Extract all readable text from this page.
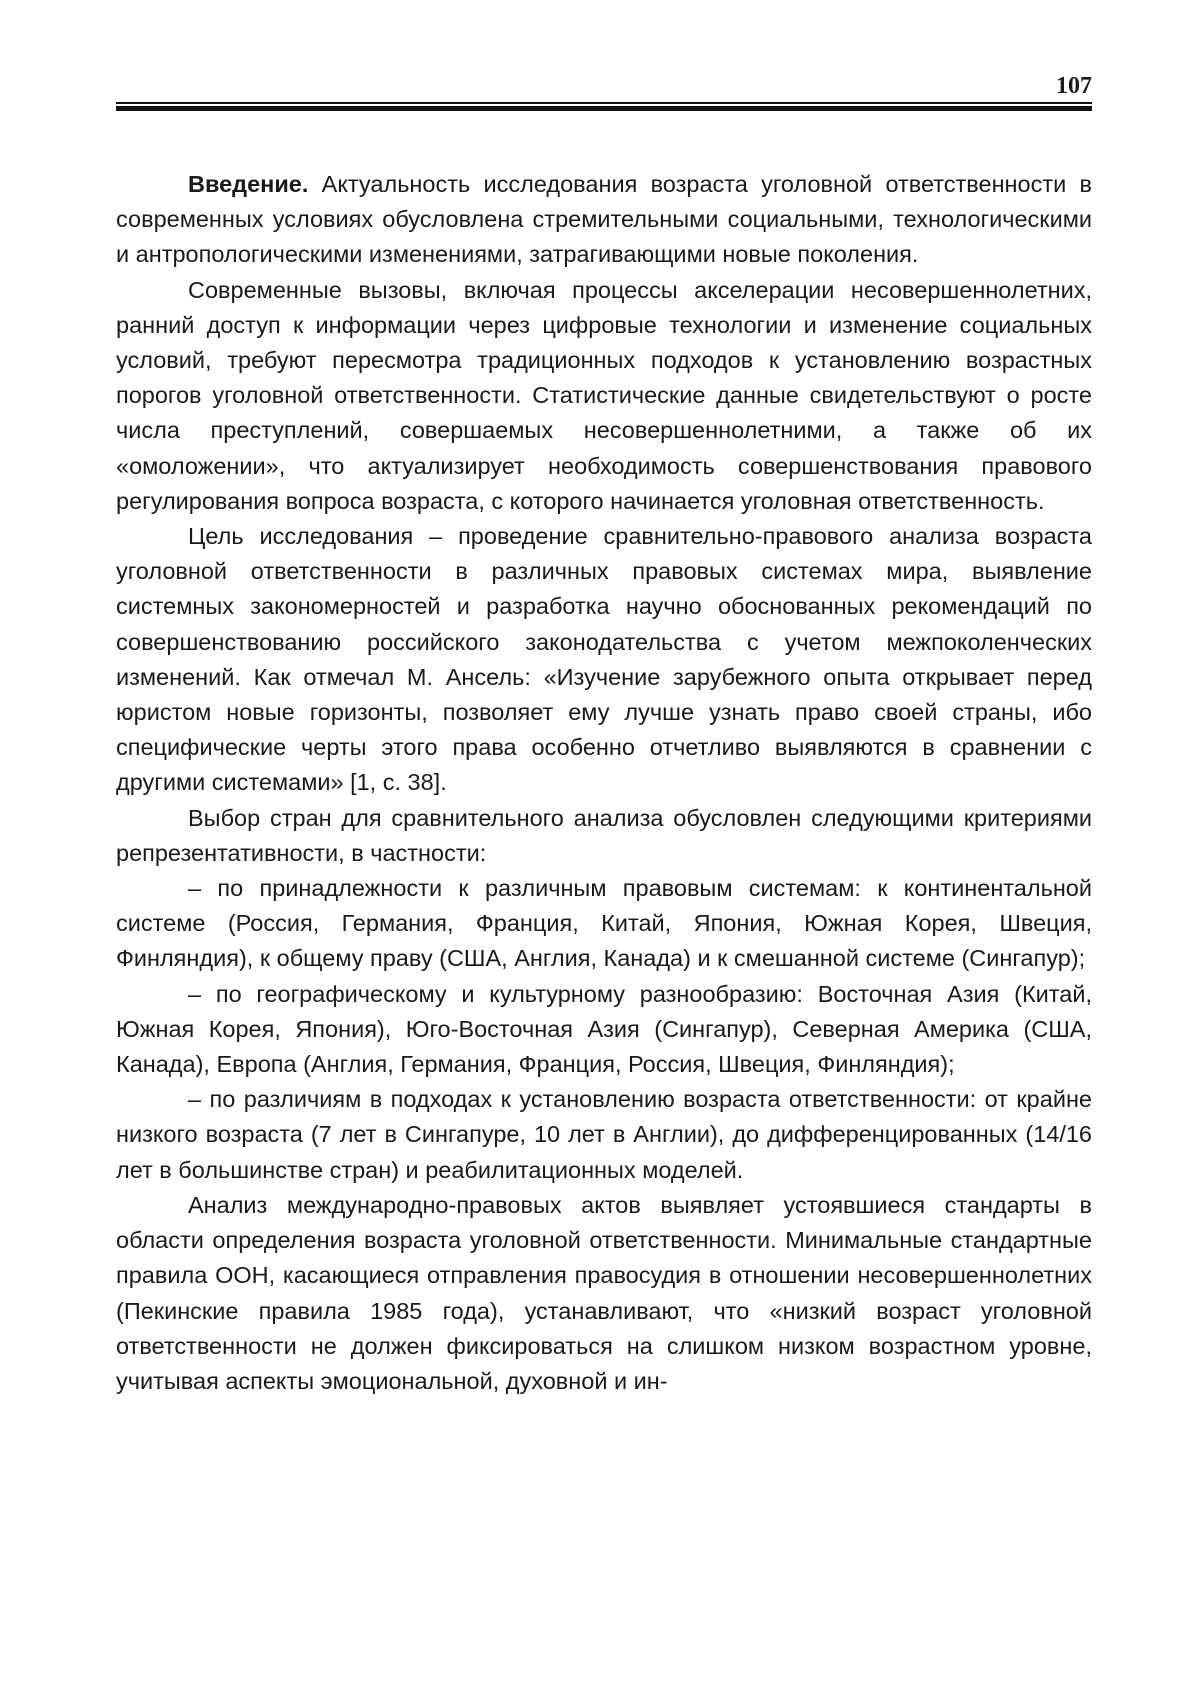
107

Введение. Актуальность исследования возраста уголовной ответственности в современных условиях обусловлена стремительными социальными, технологическими и антропологическими изменениями, затрагивающими новые поколения.

Современные вызовы, включая процессы акселерации несовершеннолетних, ранний доступ к информации через цифровые технологии и изменение социальных условий, требуют пересмотра традиционных подходов к установлению возрастных порогов уголовной ответственности. Статистические данные свидетельствуют о росте числа преступлений, совершаемых несовершеннолетними, а также об их «омоложении», что актуализирует необходимость совершенствования правового регулирования вопроса возраста, с которого начинается уголовная ответственность.

Цель исследования – проведение сравнительно-правового анализа возраста уголовной ответственности в различных правовых системах мира, выявление системных закономерностей и разработка научно обоснованных рекомендаций по совершенствованию российского законодательства с учетом межпоколенческих изменений. Как отмечал М. Ансель: «Изучение зарубежного опыта открывает перед юристом новые горизонты, позволяет ему лучше узнать право своей страны, ибо специфические черты этого права особенно отчетливо выявляются в сравнении с другими системами» [1, с. 38].

Выбор стран для сравнительного анализа обусловлен следующими критериями репрезентативности, в частности:

– по принадлежности к различным правовым системам: к континентальной системе (Россия, Германия, Франция, Китай, Япония, Южная Корея, Швеция, Финляндия), к общему праву (США, Англия, Канада) и к смешанной системе (Сингапур);

– по географическому и культурному разнообразию: Восточная Азия (Китай, Южная Корея, Япония), Юго-Восточная Азия (Сингапур), Северная Америка (США, Канада), Европа (Англия, Германия, Франция, Россия, Швеция, Финляндия);

– по различиям в подходах к установлению возраста ответственности: от крайне низкого возраста (7 лет в Сингапуре, 10 лет в Англии), до дифференцированных (14/16 лет в большинстве стран) и реабилитационных моделей.

Анализ международно-правовых актов выявляет устоявшиеся стандарты в области определения возраста уголовной ответственности. Минимальные стандартные правила ООН, касающиеся отправления правосудия в отношении несовершеннолетних (Пекинские правила 1985 года), устанавливают, что «низкий возраст уголовной ответственности не должен фиксироваться на слишком низком возрастном уровне, учитывая аспекты эмоциональной, духовной и ин-
